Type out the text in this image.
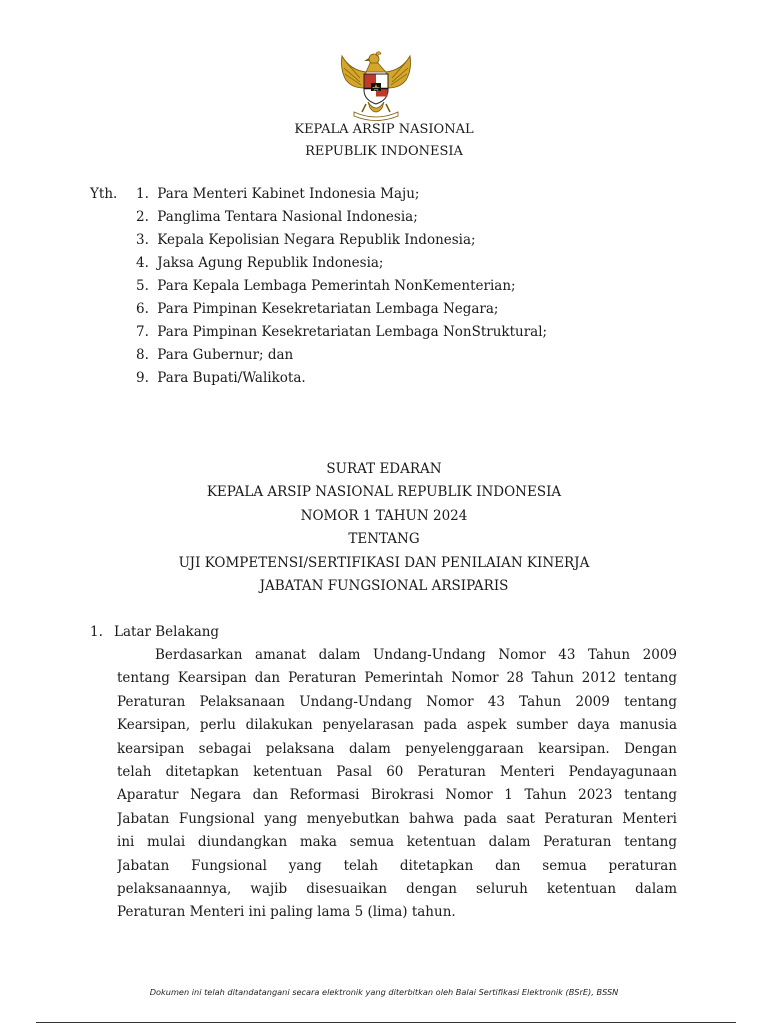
KEPALA ARSIP NASIONAL
REPUBLIK INDONESIA
Yth. 1. Para Menteri Kabinet Indonesia Maju;
2. Panglima Tentara Nasional Indonesia;
3. Kepala Kepolisian Negara Republik Indonesia;
4. Jaksa Agung Republik Indonesia;
5. Para Kepala Lembaga Pemerintah NonKementerian;
6. Para Pimpinan Kesekretariatan Lembaga Negara;
7. Para Pimpinan Kesekretariatan Lembaga NonStruktural;
8. Para Gubernur; dan
9. Para Bupati/Walikota.
SURAT EDARAN
KEPALA ARSIP NASIONAL REPUBLIK INDONESIA
NOMOR 1 TAHUN 2024
TENTANG
UJI KOMPETENSI/SERTIFIKASI DAN PENILAIAN KINERJA
JABATAN FUNGSIONAL ARSIPARIS
1. Latar Belakang
Berdasarkan amanat dalam Undang-Undang Nomor 43 Tahun 2009
tentang Kearsipan dan Peraturan Pemerintah Nomor 28 Tahun 2012 tentang
Peraturan Pelaksanaan Undang-Undang Nomor 43 Tahun 2009 tentang
Kearsipan, perlu dilakukan penyelarasan pada aspek sumber daya manusia
kearsipan sebagai pelaksana dalam penyelenggaraan kearsipan. Dengan
telah ditetapkan ketentuan Pasal 60 Peraturan Menteri Pendayagunaan
Aparatur Negara dan Reformasi Birokrasi Nomor 1 Tahun 2023 tentang
Jabatan Fungsional yang menyebutkan bahwa pada saat Peraturan Menteri
ini mulai diundangkan maka semua ketentuan dalam Peraturan tentang
Jabatan Fungsional yang telah ditetapkan dan semua peraturan
pelaksanaannya, wajib disesuaikan dengan seluruh ketentuan dalam
Peraturan Menteri ini paling lama 5 (lima) tahun.
Dokumen ini telah ditandatangani secara elektronik yang diterbitkan oleh Balai Sertifikasi Elektronik (BSrE), BSSN
